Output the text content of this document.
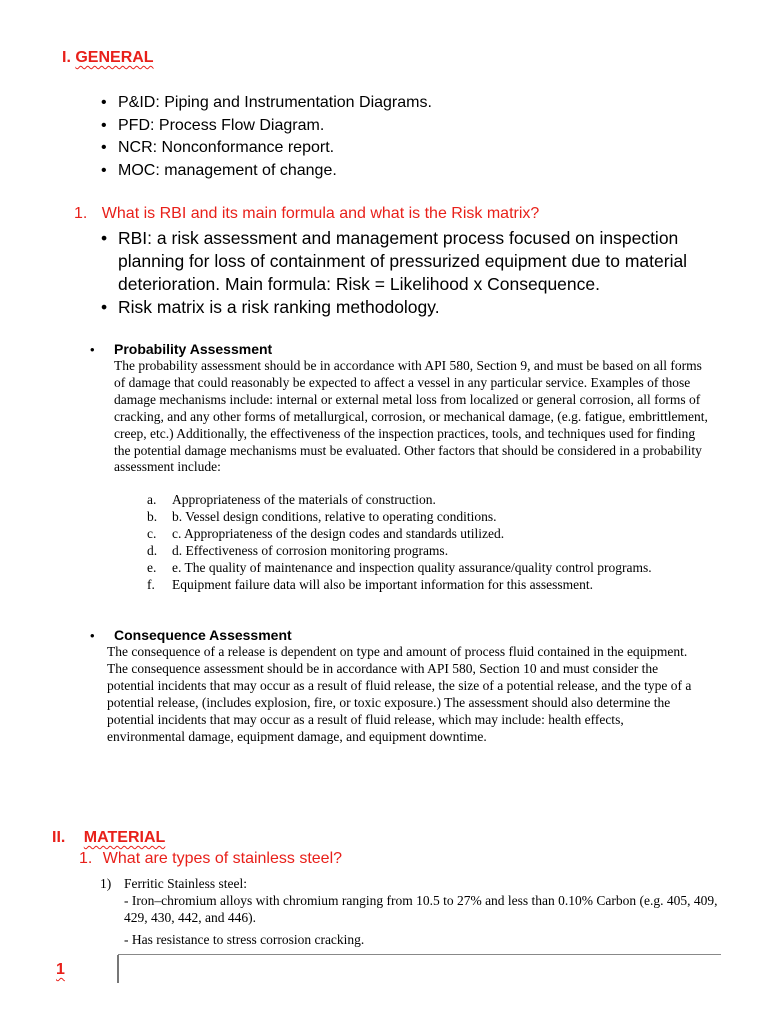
I. GENERAL
• P&ID: Piping and Instrumentation Diagrams.
• PFD: Process Flow Diagram.
• NCR: Nonconformance report.
• MOC: management of change.
1. What is RBI and its main formula and what is the Risk matrix?
• RBI: a risk assessment and management process focused on inspection planning for loss of containment of pressurized equipment due to material deterioration. Main formula: Risk = Likelihood x Consequence.
• Risk matrix is a risk ranking methodology.
• Probability Assessment
The probability assessment should be in accordance with API 580, Section 9, and must be based on all forms of damage that could reasonably be expected to affect a vessel in any particular service. Examples of those damage mechanisms include: internal or external metal loss from localized or general corrosion, all forms of cracking, and any other forms of metallurgical, corrosion, or mechanical damage, (e.g. fatigue, embrittlement, creep, etc.) Additionally, the effectiveness of the inspection practices, tools, and techniques used for finding the potential damage mechanisms must be evaluated. Other factors that should be considered in a probability assessment include:
a. Appropriateness of the materials of construction.
b. b. Vessel design conditions, relative to operating conditions.
c. c. Appropriateness of the design codes and standards utilized.
d. d. Effectiveness of corrosion monitoring programs.
e. e. The quality of maintenance and inspection quality assurance/quality control programs.
f. Equipment failure data will also be important information for this assessment.
• Consequence Assessment
The consequence of a release is dependent on type and amount of process fluid contained in the equipment. The consequence assessment should be in accordance with API 580, Section 10 and must consider the potential incidents that may occur as a result of fluid release, the size of a potential release, and the type of a potential release, (includes explosion, fire, or toxic exposure.) The assessment should also determine the potential incidents that may occur as a result of fluid release, which may include: health effects, environmental damage, equipment damage, and equipment downtime.
II. MATERIAL
1. What are types of stainless steel?
1) Ferritic Stainless steel:
- Iron–chromium alloys with chromium ranging from 10.5 to 27% and less than 0.10% Carbon (e.g. 405, 409, 429, 430, 442, and 446).
- Has resistance to stress corrosion cracking.
1
